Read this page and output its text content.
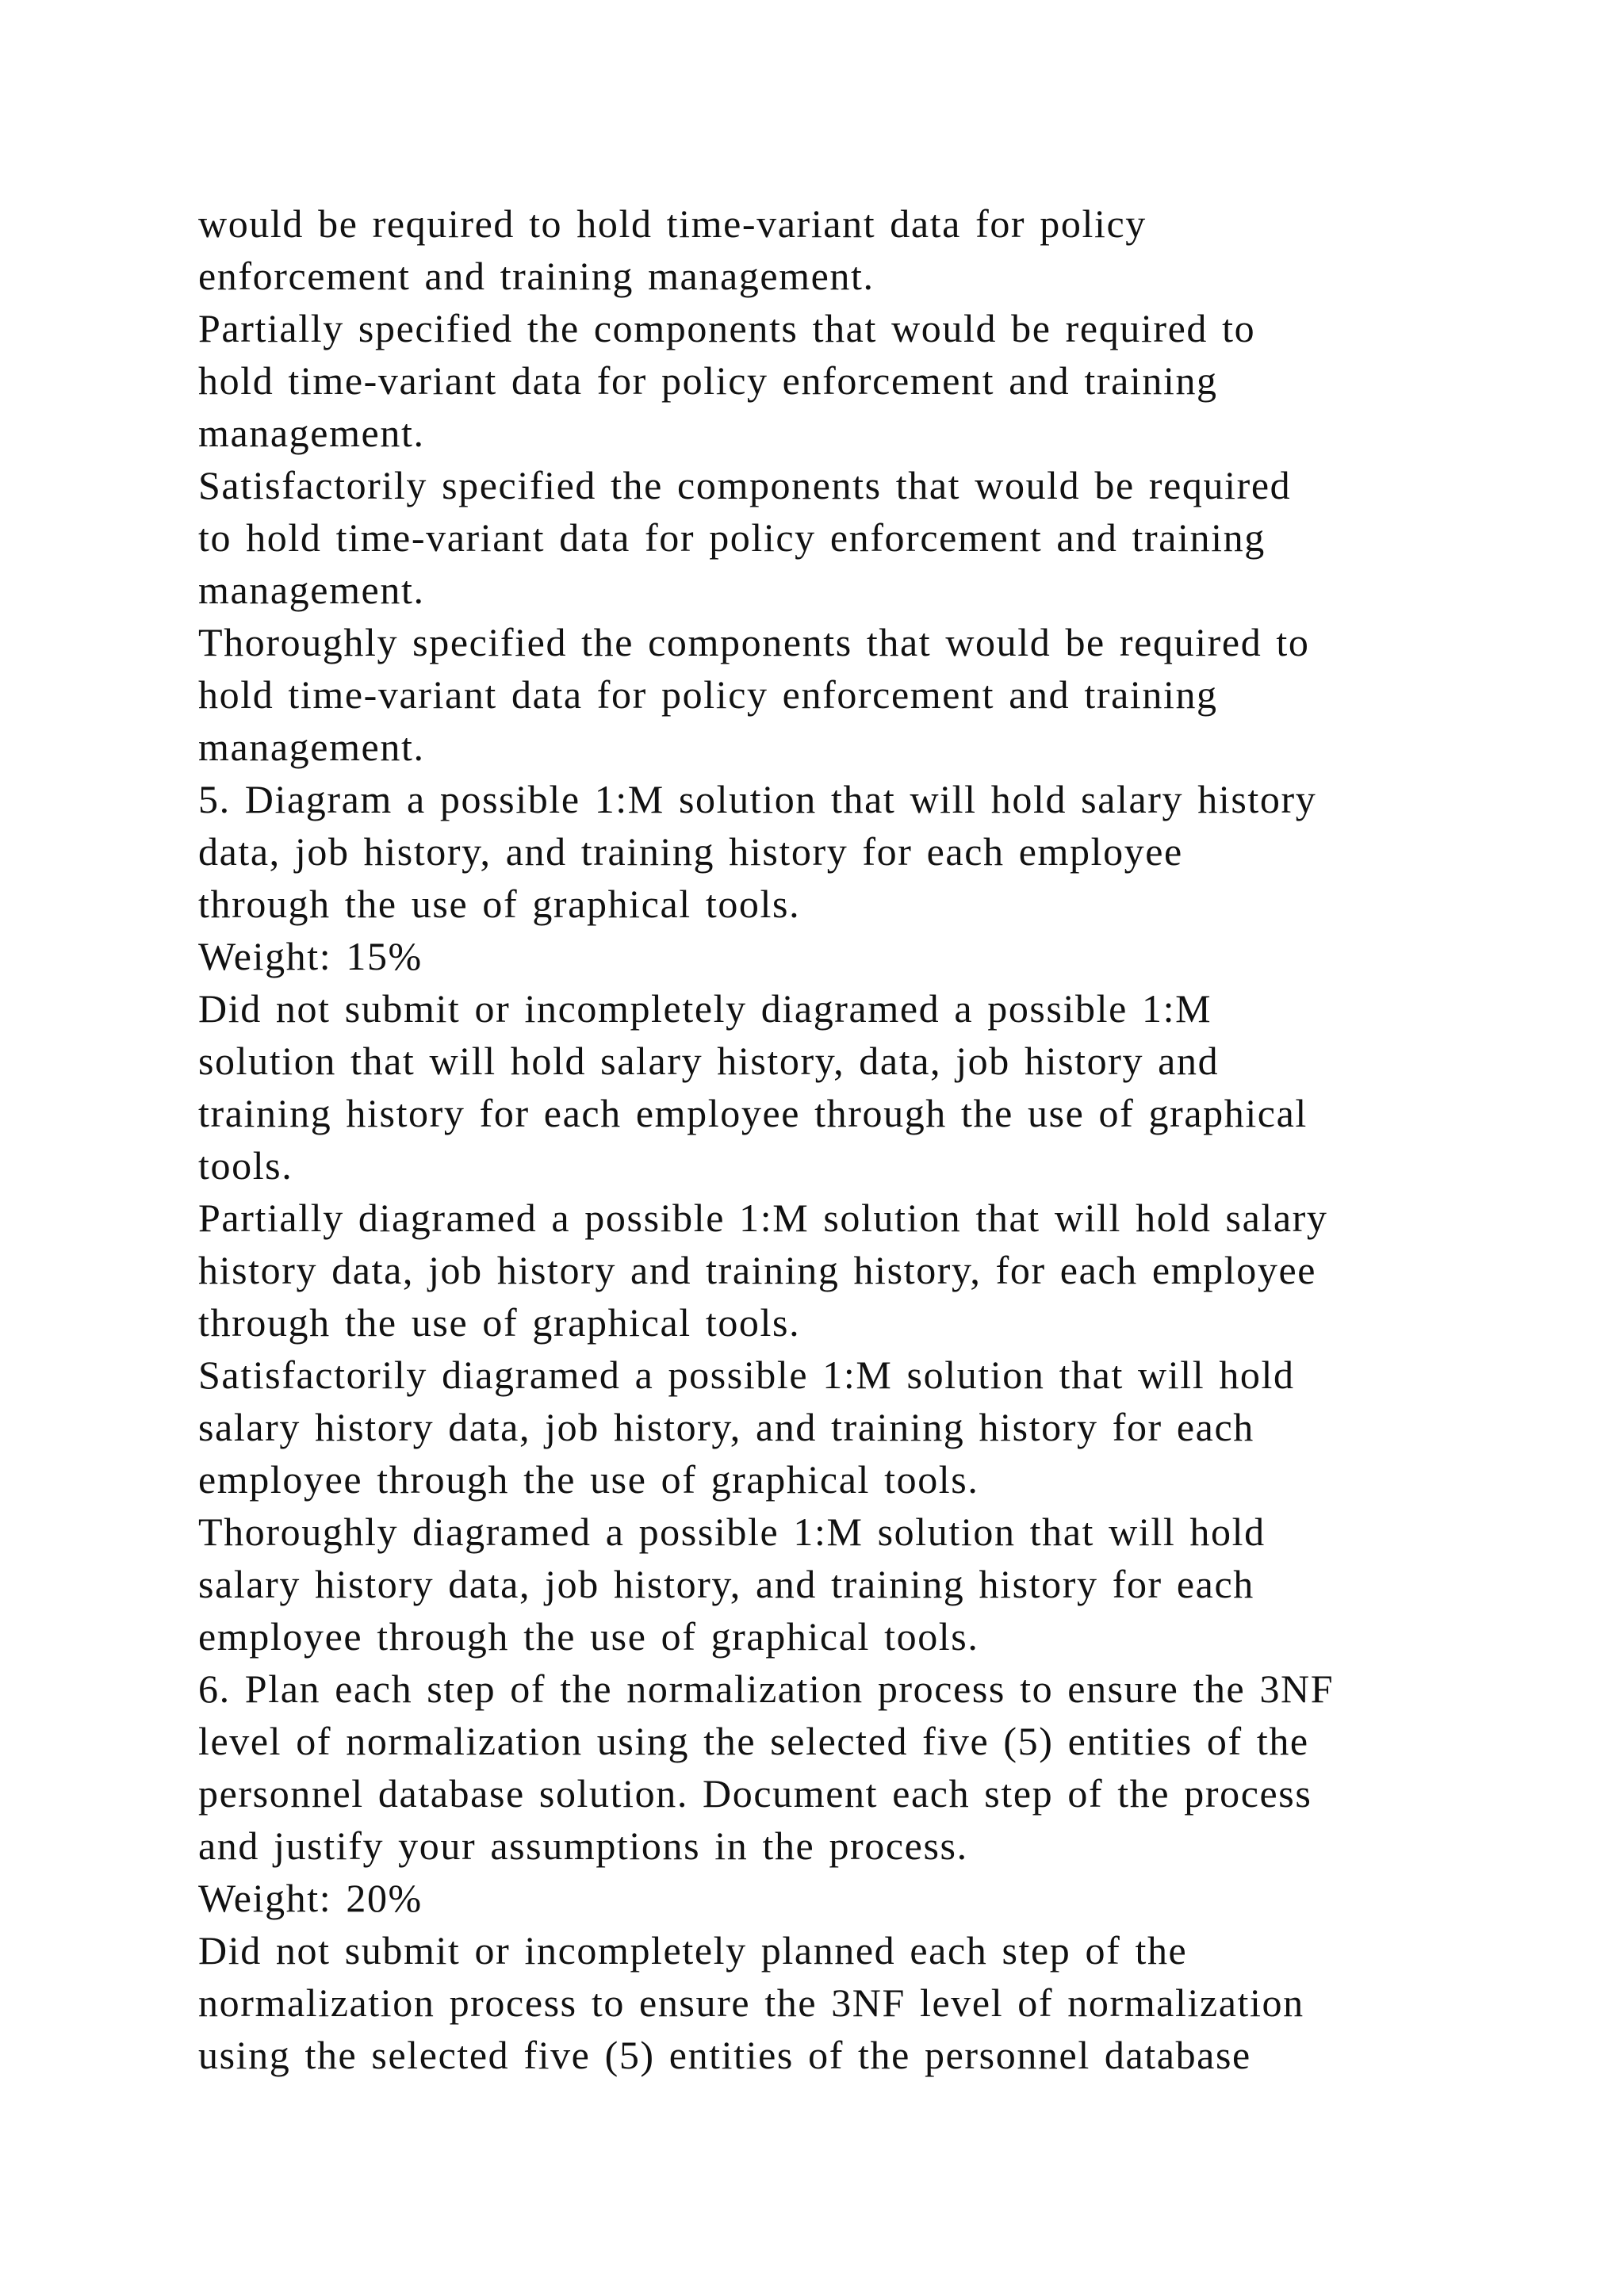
would be required to hold time-variant data for policy
enforcement and training management.
Partially specified the components that would be required to
hold time-variant data for policy enforcement and training
management.
Satisfactorily specified the components that would be required
to hold time-variant data for policy enforcement and training
management.
Thoroughly specified the components that would be required to
hold time-variant data for policy enforcement and training
management.
5. Diagram a possible 1:M solution that will hold salary history
data, job history, and training history for each employee
through the use of graphical tools.
Weight: 15%
Did not submit or incompletely diagramed a possible 1:M
solution that will hold salary history, data, job history and
training history for each employee through the use of graphical
tools.
Partially diagramed a possible 1:M solution that will hold salary
history data, job history and training history, for each employee
through the use of graphical tools.
Satisfactorily diagramed a possible 1:M solution that will hold
salary history data, job history, and training history for each
employee through the use of graphical tools.
Thoroughly diagramed a possible 1:M solution that will hold
salary history data, job history, and training history for each
employee through the use of graphical tools.
6. Plan each step of the normalization process to ensure the 3NF
level of normalization using the selected five (5) entities of the
personnel database solution. Document each step of the process
and justify your assumptions in the process.
Weight: 20%
Did not submit or incompletely planned each step of the
normalization process to ensure the 3NF level of normalization
using the selected five (5) entities of the personnel database
